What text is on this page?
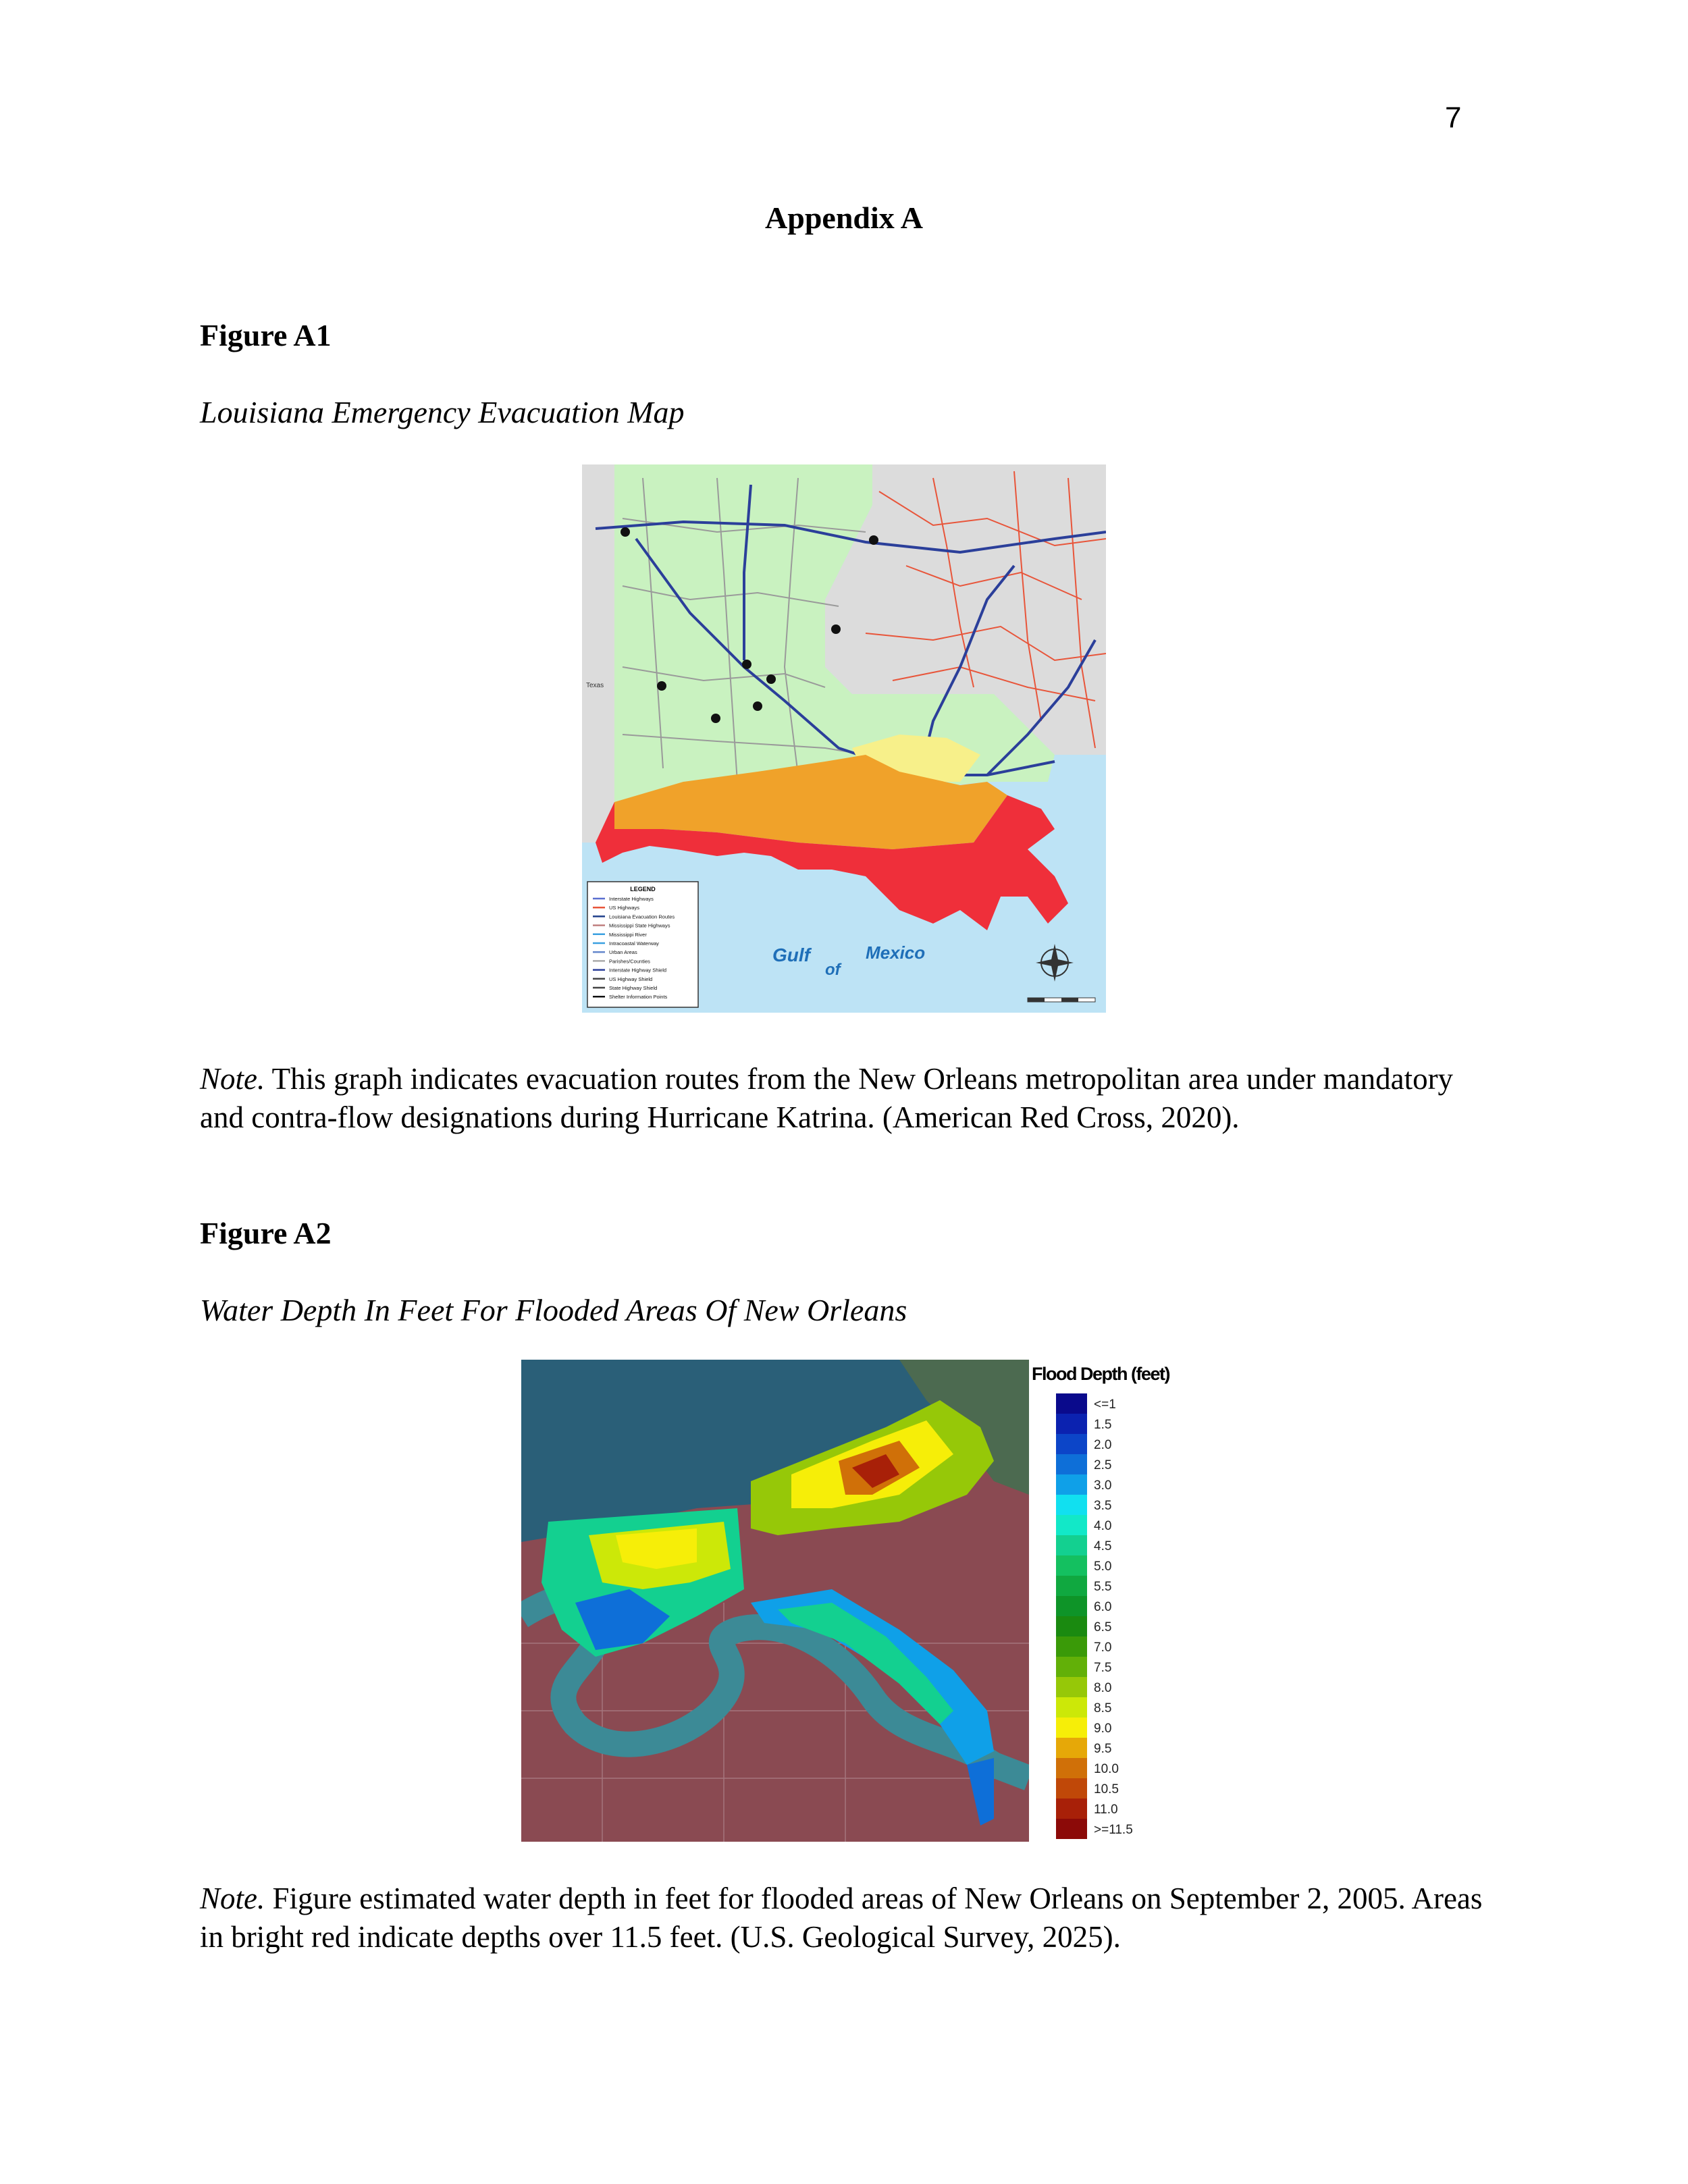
7
Appendix A
Figure A1
Louisiana Emergency Evacuation Map
Texas
LEGEND
Interstate Highways
US Highways
Louisiana Evacuation Routes
Mississippi State Highways
Mississippi River
Intracoastal Waterway
Urban Areas
Parishes/Counties
Interstate Highway Shield
US Highway Shield
State Highway Shield
Shelter Information Points
Gulf
of
Mexico
Note. This graph indicates evacuation routes from the New Orleans metropolitan area under mandatory and contra-flow designations during Hurricane Katrina. (American Red Cross, 2020).
Figure A2
Water Depth In Feet For Flooded Areas Of New Orleans
Flood Depth (feet)
<=1
1.5
2.0
2.5
3.0
3.5
4.0
4.5
5.0
5.5
6.0
6.5
7.0
7.5
8.0
8.5
9.0
9.5
10.0
10.5
11.0
>=11.5
Note. Figure estimated water depth in feet for flooded areas of New Orleans on September 2, 2005. Areas in bright red indicate depths over 11.5 feet. (U.S. Geological Survey, 2025).
